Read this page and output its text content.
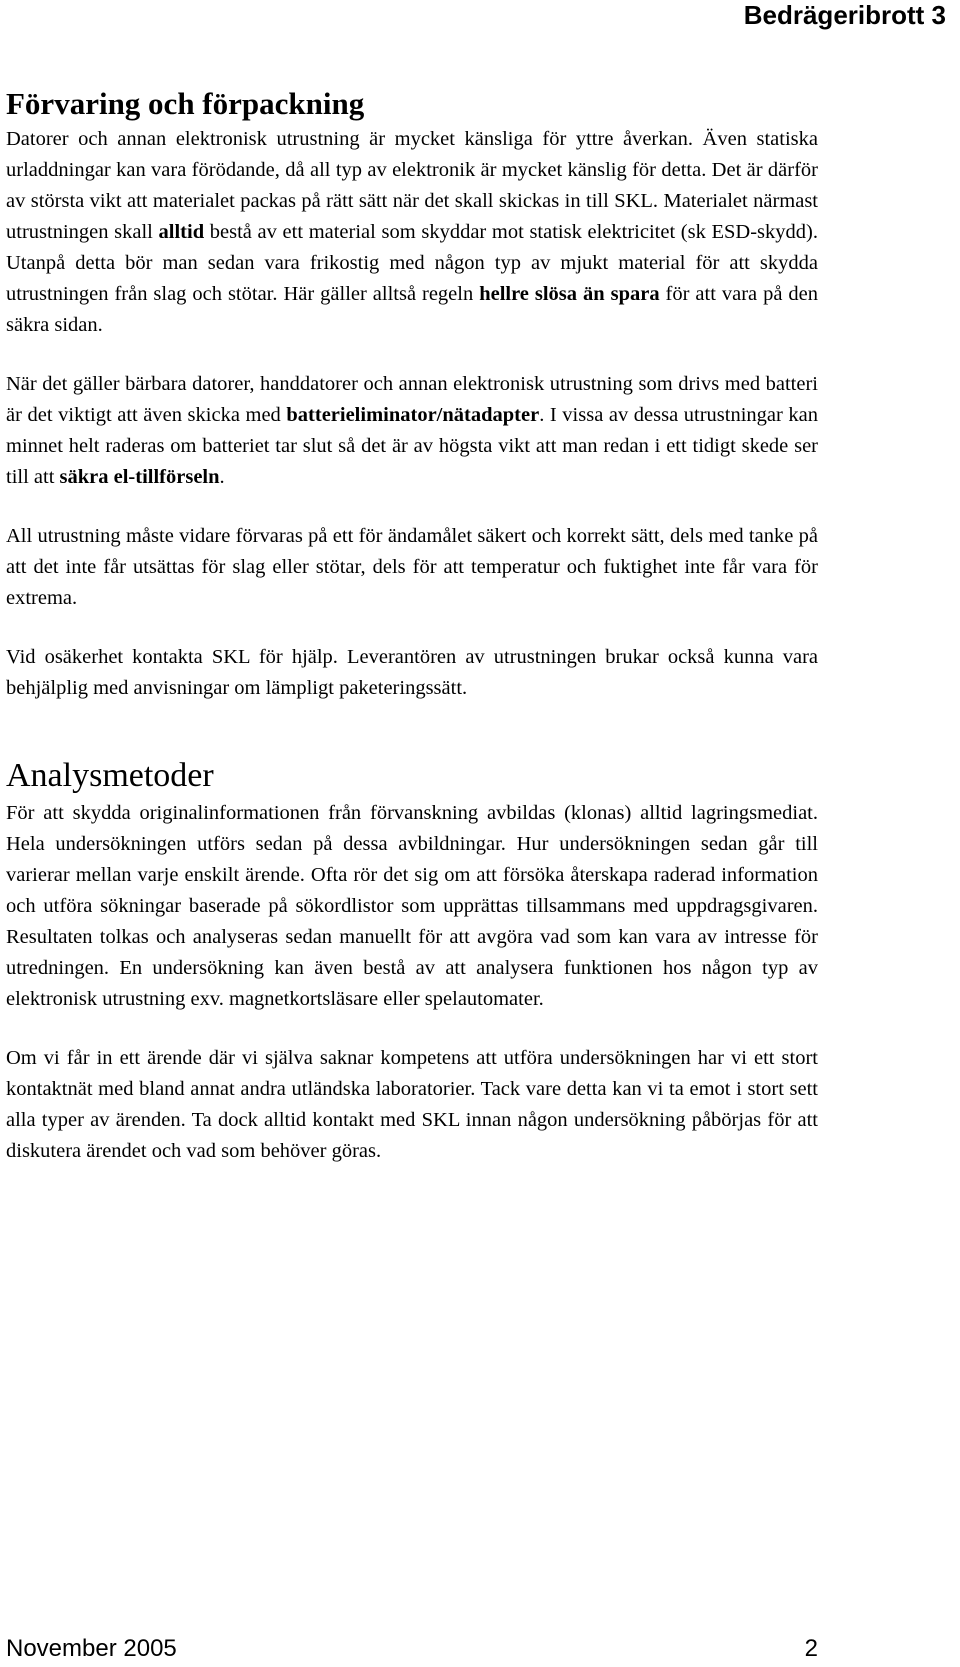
Bedrägeribrott 3
Förvaring och förpackning

Datorer och annan elektronisk utrustning är mycket känsliga för yttre åverkan. Även statiska urladdningar kan vara förödande, då all typ av elektronik är mycket känslig för detta. Det är därför av största vikt att materialet packas på rätt sätt när det skall skickas in till SKL. Materialet närmast utrustningen skall alltid bestå av ett material som skyddar mot statisk elektricitet (sk ESD-skydd). Utanpå detta bör man sedan vara frikostig med någon typ av mjukt material för att skydda utrustningen från slag och stötar. Här gäller alltså regeln hellre slösa än spara för att vara på den säkra sidan.

När det gäller bärbara datorer, handdatorer och annan elektronisk utrustning som drivs med batteri är det viktigt att även skicka med batterieliminator/nätadapter. I vissa av dessa utrustningar kan minnet helt raderas om batteriet tar slut så det är av högsta vikt att man redan i ett tidigt skede ser till att säkra el-tillförseln.

All utrustning måste vidare förvaras på ett för ändamålet säkert och korrekt sätt, dels med tanke på att det inte får utsättas för slag eller stötar, dels för att temperatur och fuktighet inte får vara för extrema.

Vid osäkerhet kontakta SKL för hjälp. Leverantören av utrustningen brukar också kunna vara behjälplig med anvisningar om lämpligt paketeringssätt.

Analysmetoder

För att skydda originalinformationen från förvanskning avbildas (klonas) alltid lagringsmediat. Hela undersökningen utförs sedan på dessa avbildningar. Hur undersökningen sedan går till varierar mellan varje enskilt ärende. Ofta rör det sig om att försöka återskapa raderad information och utföra sökningar baserade på sökordlistor som upprättas tillsammans med uppdragsgivaren. Resultaten tolkas och analyseras sedan manuellt för att avgöra vad som kan vara av intresse för utredningen. En undersökning kan även bestå av att analysera funktionen hos någon typ av elektronisk utrustning exv. magnetkortsläsare eller spelautomater.

Om vi får in ett ärende där vi själva saknar kompetens att utföra undersökningen har vi ett stort kontaktnät med bland annat andra utländska laboratorier. Tack vare detta kan vi ta emot i stort sett alla typer av ärenden. Ta dock alltid kontakt med SKL innan någon undersökning påbörjas för att diskutera ärendet och vad som behöver göras.

November 2005	2
